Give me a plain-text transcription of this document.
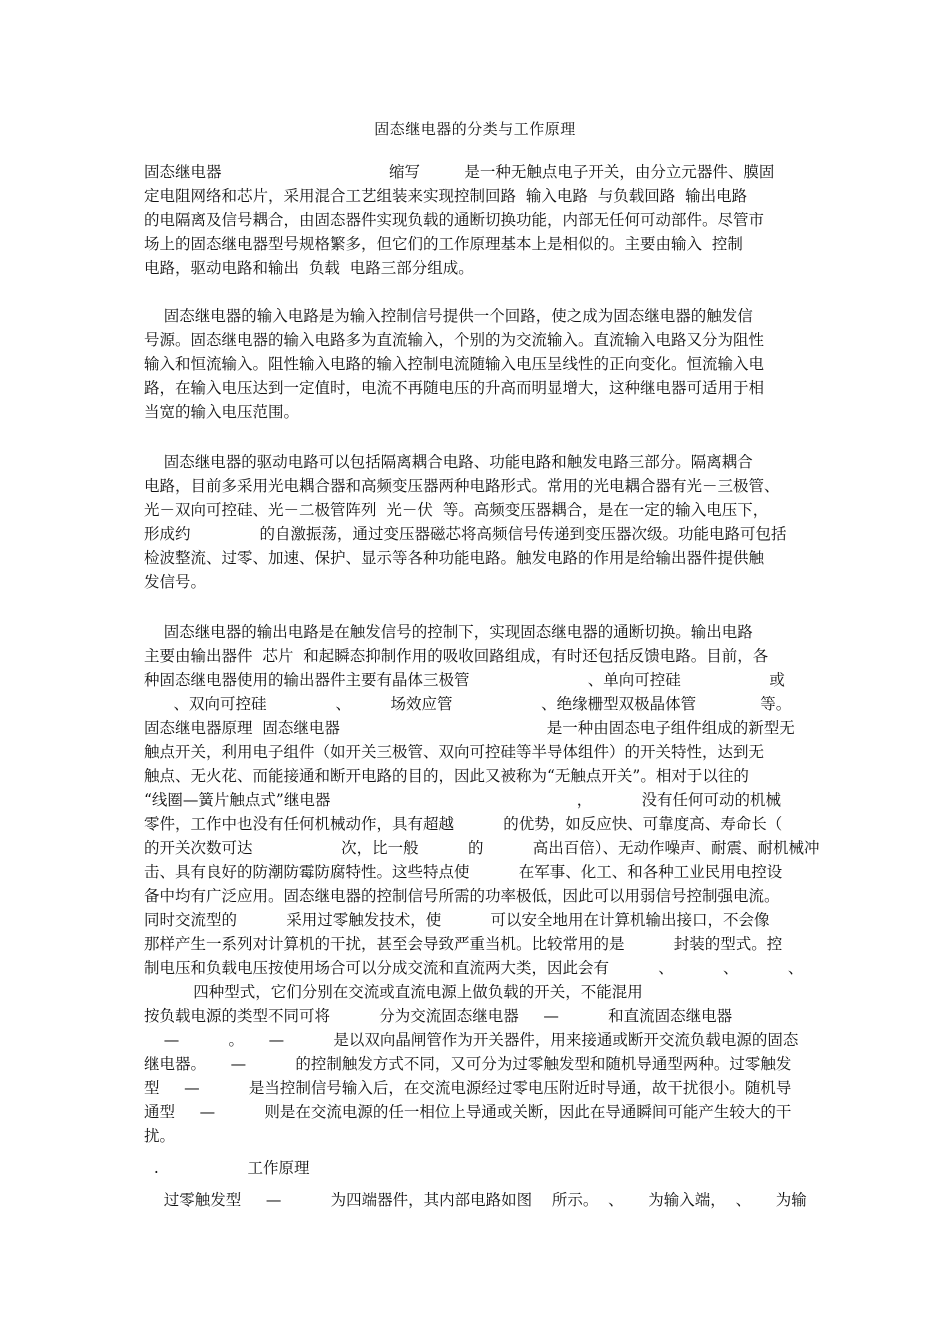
固态继电器的分类与工作原理
固态继电器                                  缩写         是一种无触点电子开关，由分立元器件、膜固
定电阻网络和芯片，采用混合工艺组装来实现控制回路  输入电路  与负载回路  输出电路
的电隔离及信号耦合，由固态器件实现负载的通断切换功能，内部无任何可动部件。尽管市
场上的固态继电器型号规格繁多，但它们的工作原理基本上是相似的。主要由输入  控制
电路，驱动电路和输出  负载  电路三部分组成。
固态继电器的输入电路是为输入控制信号提供一个回路，使之成为固态继电器的触发信
号源。固态继电器的输入电路多为直流输入，个别的为交流输入。直流输入电路又分为阻性
输入和恒流输入。阻性输入电路的输入控制电流随输入电压呈线性的正向变化。恒流输入电
路，在输入电压达到一定值时，电流不再随电压的升高而明显增大，这种继电器可适用于相
当宽的输入电压范围。
固态继电器的驱动电路可以包括隔离耦合电路、功能电路和触发电路三部分。隔离耦合
电路，目前多采用光电耦合器和高频变压器两种电路形式。常用的光电耦合器有光－三极管、
光－双向可控硅、光－二极管阵列  光－伏  等。高频变压器耦合，是在一定的输入电压下，
形成约              的自激振荡，通过变压器磁芯将高频信号传递到变压器次级。功能电路可包括
检波整流、过零、加速、保护、显示等各种功能电路。触发电路的作用是给输出器件提供触
发信号。
固态继电器的输出电路是在触发信号的控制下，实现固态继电器的通断切换。输出电路
主要由输出器件  芯片  和起瞬态抑制作用的吸收回路组成，有时还包括反馈电路。目前，各
种固态继电器使用的输出器件主要有晶体三极管                        、单向可控硅                  或
、双向可控硅              、        场效应管                  、绝缘栅型双极晶体管             等。
固态继电器原理  固态继电器                                          是一种由固态电子组件组成的新型无
触点开关，利用电子组件（如开关三极管、双向可控硅等半导体组件）的开关特性，达到无
触点、无火花、而能接通和断开电路的目的，因此又被称为“无触点开关”。相对于以往的
“线圈—簧片触点式”继电器                                                  ，          没有任何可动的机械
零件，工作中也没有任何机械动作，具有超越          的优势，如反应快、可靠度高、寿命长（
的开关次数可达                  次，比一般          的          高出百倍）、无动作噪声、耐震、耐机械冲
击、具有良好的防潮防霉防腐特性。这些特点使          在军事、化工、和各种工业民用电控设
备中均有广泛应用。固态继电器的控制信号所需的功率极低，因此可以用弱信号控制强电流。
同时交流型的          采用过零触发技术，使          可以安全地用在计算机输出接口，不会像
那样产生一系列对计算机的干扰，甚至会导致严重当机。比较常用的是          封装的型式。控
制电压和负载电压按使用场合可以分成交流和直流两大类，因此会有          、          、          、
四种型式，它们分别在交流或直流电源上做负载的开关，不能混用
按负载电源的类型不同可将          分为交流固态继电器     —          和直流固态继电器
—          。     —          是以双向晶闸管作为开关器件，用来接通或断开交流负载电源的固态
继电器。     —          的控制触发方式不同，又可分为过零触发型和随机导通型两种。过零触发
型     —          是当控制信号输入后，在交流电源经过零电压附近时导通，故干扰很小。随机导
通型     —          则是在交流电源的任一相位上导通或关断，因此在导通瞬间可能产生较大的干
扰。
.                  工作原理
过零触发型     —          为四端器件，其内部电路如图    所示。  、     为输入端，  、     为输
